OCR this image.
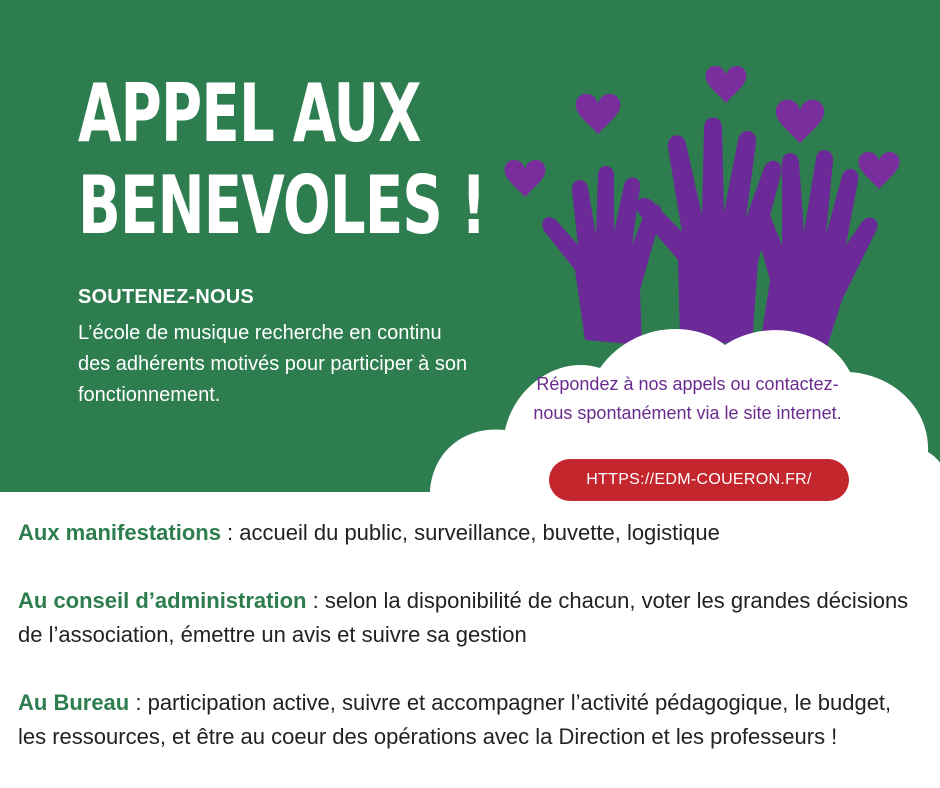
APPEL AUX
BENEVOLES !
SOUTENEZ-NOUS
L’école de musique recherche en continu des adhérents motivés pour participer à son fonctionnement.	Répondez à nos appels ou contactez-nous spontanément via le site internet.
HTTPS://EDM-COUERON.FR/

Aux manifestations : accueil du public, surveillance, buvette, logistique

Au conseil d’administration : selon la disponibilité de chacun, voter les grandes décisions de l’association, émettre un avis et suivre sa gestion

Au Bureau : participation active, suivre et accompagner l’activité pédagogique, le budget, les ressources, et être au coeur des opérations avec la Direction et les professeurs !
